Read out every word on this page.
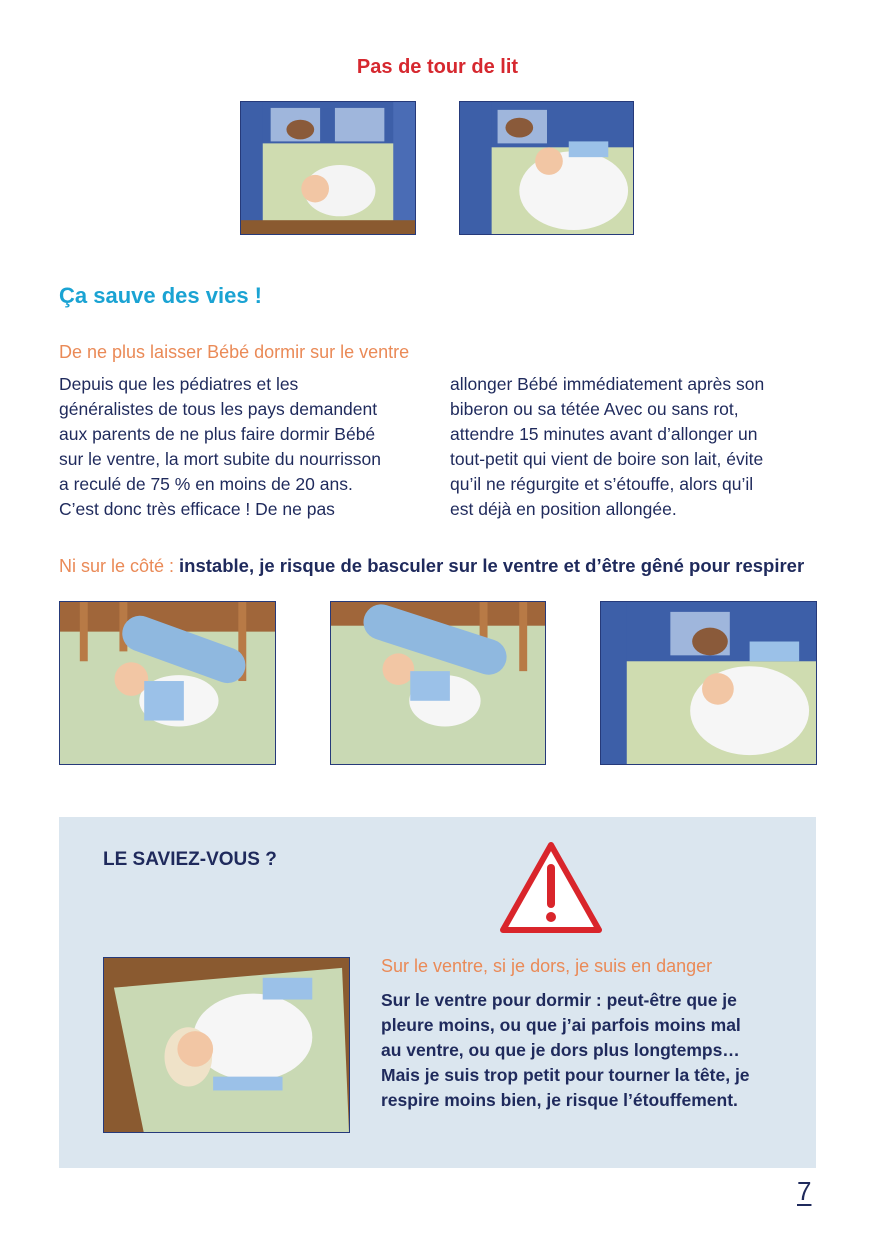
Pas de tour de lit
Ça sauve des vies !
De ne plus laisser Bébé dormir sur le ventre
Depuis que les pédiatres et les
généralistes de tous les pays demandent
aux parents de ne plus faire dormir Bébé
sur le ventre, la mort subite du nourrisson
a reculé de 75 % en moins de 20 ans.
C’est donc très efficace ! De ne pas
allonger Bébé immédiatement après son
biberon ou sa tétée Avec ou sans rot,
attendre 15 minutes avant d’allonger un
tout-petit qui vient de boire son lait, évite
qu’il ne régurgite et s’étouffe, alors qu’il
est déjà en position allongée.
Ni sur le côté : instable, je risque de basculer sur le ventre et d’être gêné pour respirer
LE SAVIEZ-VOUS ?
Sur le ventre, si je dors, je suis en danger
Sur le ventre pour dormir : peut-être que je
pleure moins, ou que j’ai parfois moins mal
au ventre, ou que je dors plus longtemps…
Mais je suis trop petit pour tourner la tête, je
respire moins bien, je risque l’étouffement.
7
